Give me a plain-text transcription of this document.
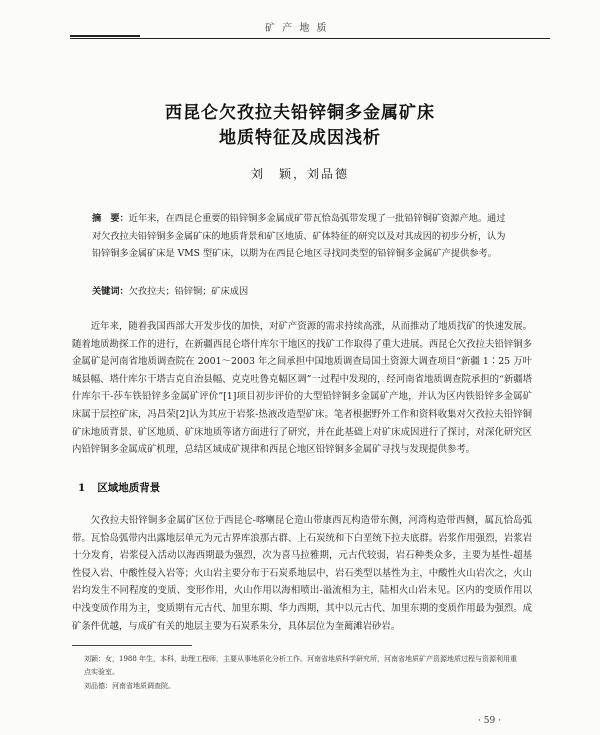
矿 产 地 质
西昆仑欠孜拉夫铅锌铜多金属矿床
地质特征及成因浅析
刘　颖，刘品德
摘　要：近年来，在西昆仑重要的铅锌铜多金属成矿带瓦恰岛弧带发现了一批铅锌铜矿资源产地。通过对欠孜拉夫铅锌铜多金属矿床的地质背景和矿区地质、矿体特征的研究以及对其成因的初步分析，认为铅锌铜多金属矿床是 VMS 型矿床，以期为在西昆仑地区寻找同类型的铅锌铜多金属矿产提供参考。
关键词：欠孜拉夫；铅锌铜；矿床成因

近年来，随着我国西部大开发步伐的加快，对矿产资源的需求持续高涨，从而推动了地质找矿的快速发展。随着地质勘探工作的进行，在新疆西昆仑塔什库尔干地区的找矿工作取得了重大进展。西昆仑欠孜拉夫铅锌铜多金属矿是河南省地质调查院在 2001～2003 年之间承担中国地质调查局国土资源大调查项目“新疆 1∶25 万叶城县幅、塔什库尔干塔吉克自治县幅、克克吐鲁克幅区调”一过程中发现的，经河南省地质调查院承担的“新疆塔什库尔干-莎车铁铅锌多金属矿评价”[1]项目初步评价的大型铅锌铜多金属矿产地，并认为区内铁铅锌多金属矿床属于层控矿床，冯昌荣[2]认为其应于岩浆-热液改造型矿床。笔者根据野外工作和资料收集对欠孜拉夫铅锌铜矿床地质背景、矿区地质、矿床地质等诸方面进行了研究，并在此基础上对矿床成因进行了探讨，对深化研究区内铅锌铜多金属成矿机理，总结区域成矿规律和西昆仑地区铅锌铜多金属矿寻找与发现提供参考。

1 区域地质背景

欠孜拉夫铅锌铜多金属矿区位于西昆仑-喀喇昆仑造山带康西瓦构造带东侧，河湾构造带西侧，属瓦恰岛弧带。瓦恰岛弧带内出露地层单元为元古界库浪那古群、上石炭统和下白垩统下拉夫底群。岩浆作用强烈，岩浆岩十分发育，岩浆侵入活动以海西期最为强烈，次为喜马拉雅期，元古代较弱，岩石种类众多，主要为基性-超基性侵入岩、中酸性侵入岩等；火山岩主要分布于石炭系地层中，岩石类型以基性为主，中酸性火山岩次之，火山岩均发生不同程度的变质、变形作用，火山作用以海相喷出-溢流相为主，陆相火山岩未见。区内的变质作用以中浅变质作用为主，变质期有元古代、加里东期、华力西期，其中以元古代、加里东期的变质作用最为强烈。成矿条件优越，与成矿有关的地层主要为石炭系朱分，具体层位为奎蔺滩岩砂岩。

刘颖：女，1988 年生，本科，助理工程师，主要从事地质化分析工作。河南省地质科学研究所，河南省地质矿产资源地质过程与资源利用重点实验室。
刘品德：河南省地质调查院。
· 59 ·
